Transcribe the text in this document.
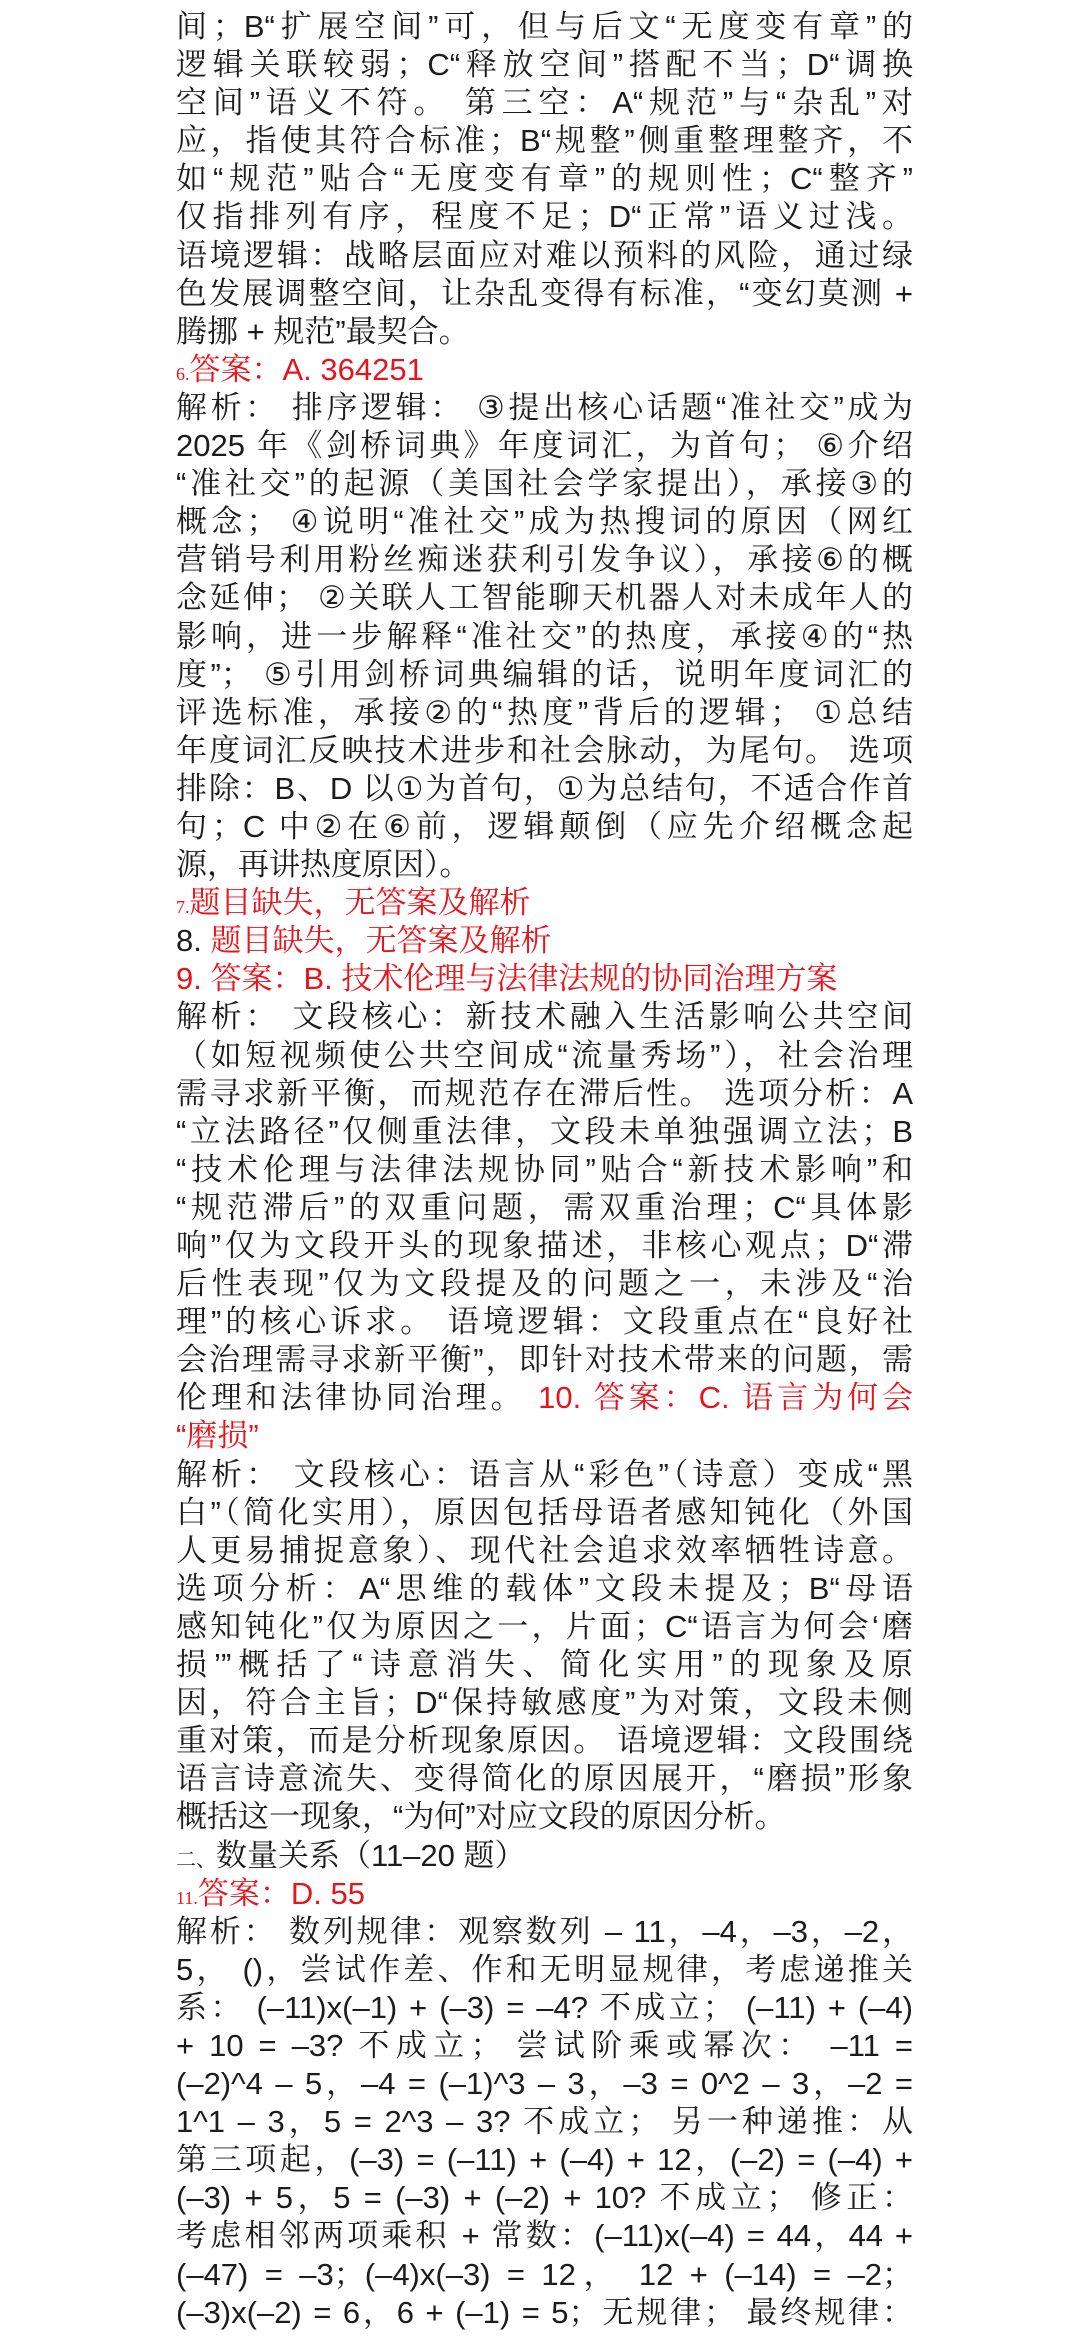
间；B“扩展空间”可，但与后文“无度变有章”的
逻辑关联较弱；C“释放空间”搭配不当；D“调换
空间”语义不符。 第三空：A“规范”与“杂乱”对
应，指使其符合标准；B“规整”侧重整理整齐，不
如“规范”贴合“无度变有章”的规则性；C“整齐”
仅指排列有序，程度不足；D“正常”语义过浅。
语境逻辑：战略层面应对难以预料的风险，通过绿
色发展调整空间，让杂乱变得有标准，“变幻莫测 +
腾挪 + 规范”最契合。
6.答案：A. 364251
解析： 排序逻辑： ③提出核心话题“准社交”成为
2025 年《剑桥词典》年度词汇，为首句； ⑥介绍
“准社交”的起源（美国社会学家提出），承接③的
概念； ④说明“准社交”成为热搜词的原因（网红
营销号利用粉丝痴迷获利引发争议），承接⑥的概
念延伸； ②关联人工智能聊天机器人对未成年人的
影响，进一步解释“准社交”的热度，承接④的“热
度”； ⑤引用剑桥词典编辑的话，说明年度词汇的
评选标准，承接②的“热度”背后的逻辑； ①总结
年度词汇反映技术进步和社会脉动，为尾句。 选项
排除：B、D 以①为首句，①为总结句，不适合作首
句；C 中②在⑥前，逻辑颠倒（应先介绍概念起
源，再讲热度原因）。
7.题目缺失，无答案及解析
8. 题目缺失，无答案及解析
9. 答案：B. 技术伦理与法律法规的协同治理方案
解析： 文段核心：新技术融入生活影响公共空间
（如短视频使公共空间成“流量秀场”），社会治理
需寻求新平衡，而规范存在滞后性。 选项分析：A
“立法路径”仅侧重法律，文段未单独强调立法；B
“技术伦理与法律法规协同”贴合“新技术影响”和
“规范滞后”的双重问题，需双重治理；C“具体影
响”仅为文段开头的现象描述，非核心观点；D“滞
后性表现”仅为文段提及的问题之一，未涉及“治
理”的核心诉求。 语境逻辑：文段重点在“良好社
会治理需寻求新平衡”，即针对技术带来的问题，需
伦理和法律协同治理。 10. 答案：C. 语言为何会
“磨损”
解析： 文段核心：语言从“彩色”（诗意）变成“黑
白”（简化实用），原因包括母语者感知钝化（外国
人更易捕捉意象）、现代社会追求效率牺牲诗意。
选项分析：A“思维的载体”文段未提及；B“母语
感知钝化”仅为原因之一，片面；C“语言为何会‘磨
损’”概括了“诗意消失、简化实用”的现象及原
因，符合主旨；D“保持敏感度”为对策，文段未侧
重对策，而是分析现象原因。 语境逻辑：文段围绕
语言诗意流失、变得简化的原因展开，“磨损”形象
概括这一现象，“为何”对应文段的原因分析。
二、数量关系（11–20 题）
11.答案：D. 55
解析： 数列规律：观察数列 – 11，–4，–3，–2，
5， ()，尝试作差、作和无明显规律，考虑递推关
系： (–11)x(–1) + (–3) = –4? 不成立； (–11) + (–4)
+ 10 = –3? 不成立； 尝试阶乘或幂次： –11 =
(–2)^4 – 5，–4 = (–1)^3 – 3，–3 = 0^2 – 3，–2 =
1^1 – 3，5 = 2^3 – 3? 不成立； 另一种递推：从
第三项起，(–3) = (–11) + (–4) + 12，(–2) = (–4) +
(–3) + 5，5 = (–3) + (–2) + 10? 不成立； 修正：
考虑相邻两项乘积 + 常数：(–11)x(–4) = 44，44 +
(–47) = –3；(–4)x(–3) = 12， 12 + (–14) = –2；
(–3)x(–2) = 6，6 + (–1) = 5；无规律； 最终规律：
